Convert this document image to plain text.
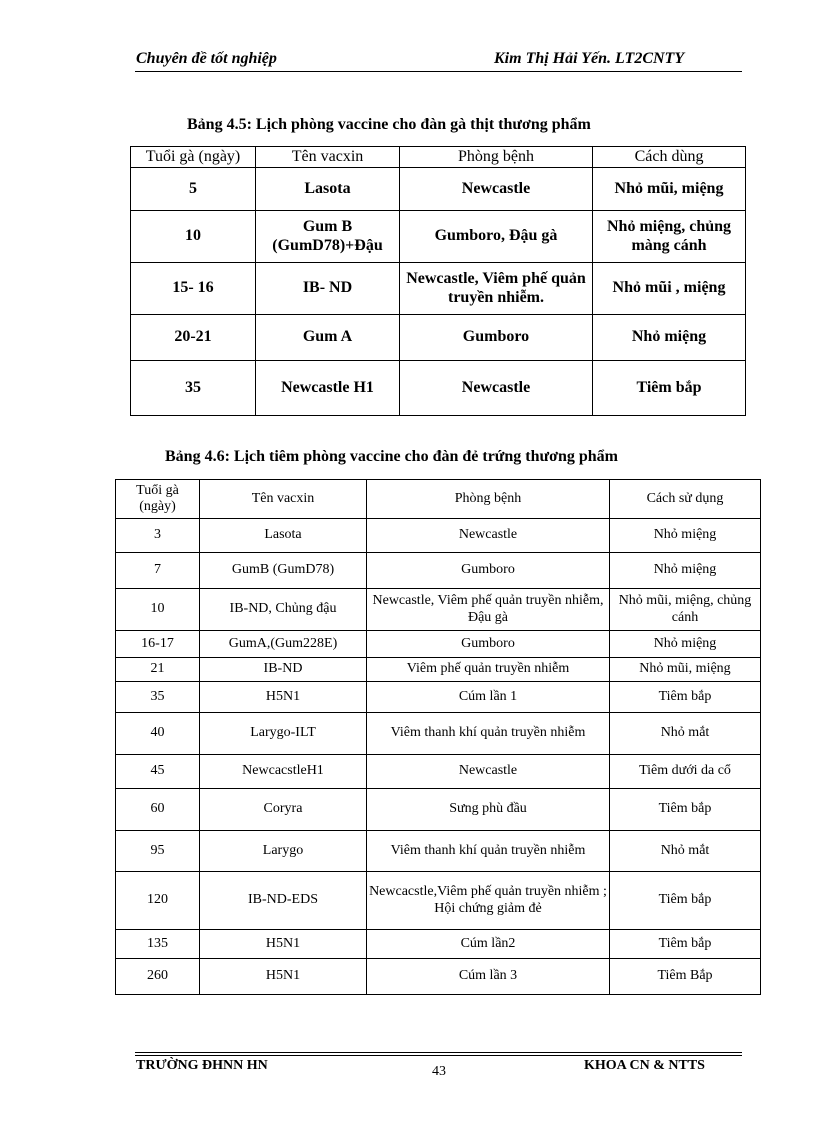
Chuyên đề tốt nghiệp	Kim Thị Hải Yến. LT2CNTY
Bảng 4.5: Lịch phòng vaccine cho đàn gà thịt thương phẩm
Tuổi gà (ngày)	Tên vacxin	Phòng bệnh	Cách dùng
5	Lasota	Newcastle	Nhỏ mũi, miệng
10	Gum B (GumD78)+Đậu	Gumboro, Đậu gà	Nhỏ miệng, chủng màng cánh
15- 16	IB- ND	Newcastle, Viêm phế quản truyền nhiễm.	Nhỏ mũi , miệng
20-21	Gum A	Gumboro	Nhỏ miệng
35	Newcastle H1	Newcastle	Tiêm bắp
Bảng 4.6: Lịch tiêm phòng vaccine cho đàn đẻ trứng thương phẩm
Tuổi gà (ngày)	Tên vacxin	Phòng bệnh	Cách sử dụng
3	Lasota	Newcastle	Nhỏ miệng
7	GumB (GumD78)	Gumboro	Nhỏ miệng
10	IB-ND, Chủng đậu	Newcastle, Viêm phế quản truyền nhiễm, Đậu gà	Nhỏ mũi, miệng, chủng cánh
16-17	GumA,(Gum228E)	Gumboro	Nhỏ miệng
21	IB-ND	Viêm phế quản truyền nhiễm	Nhỏ mũi, miệng
35	H5N1	Cúm lần 1	Tiêm bắp
40	Larygo-ILT	Viêm thanh khí quản truyền nhiễm	Nhỏ mắt
45	NewcacstleH1	Newcastle	Tiêm dưới da cổ
60	Coryra	Sưng phù đầu	Tiêm bắp
95	Larygo	Viêm thanh khí quản truyền nhiễm	Nhỏ mắt
120	IB-ND-EDS	Newcacstle,Viêm phế quản truyền nhiễm ; Hội chứng giảm đẻ	Tiêm bắp
135	H5N1	Cúm lần2	Tiêm bắp
260	H5N1	Cúm lần 3	Tiêm Bắp
TRƯỜNG ĐHNN HN	43	KHOA CN & NTTS
